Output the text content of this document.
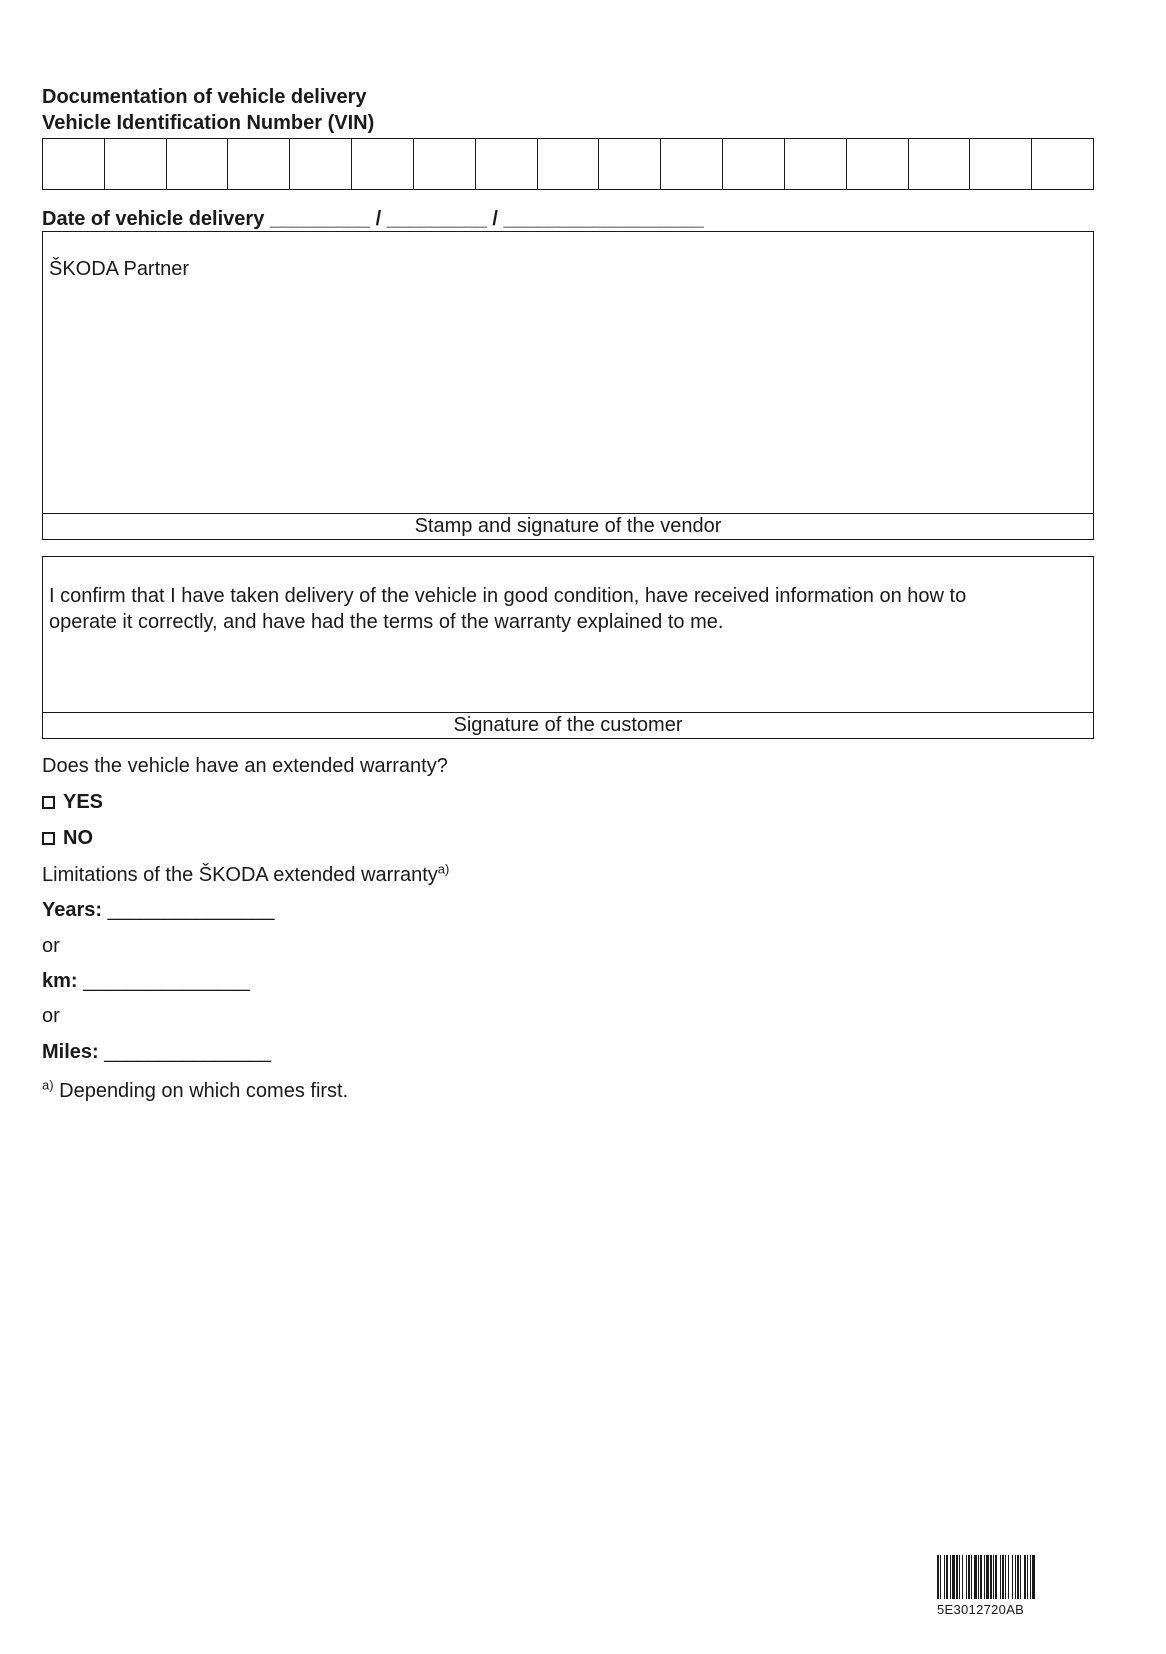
Documentation of vehicle delivery
Vehicle Identification Number (VIN)
Date of vehicle delivery _________ / _________ / __________________
ŠKODA Partner
Stamp and signature of the vendor
I confirm that I have taken delivery of the vehicle in good condition, have received information on how to
operate it correctly, and have had the terms of the warranty explained to me.
Signature of the customer
Does the vehicle have an extended warranty?
YES
NO
Limitations of the ŠKODA extended warranty$^{a)}$
Years: _______________
or
km: _______________
or
Miles: _______________
$^{a)}$ Depending on which comes first.
5E3012720AB
